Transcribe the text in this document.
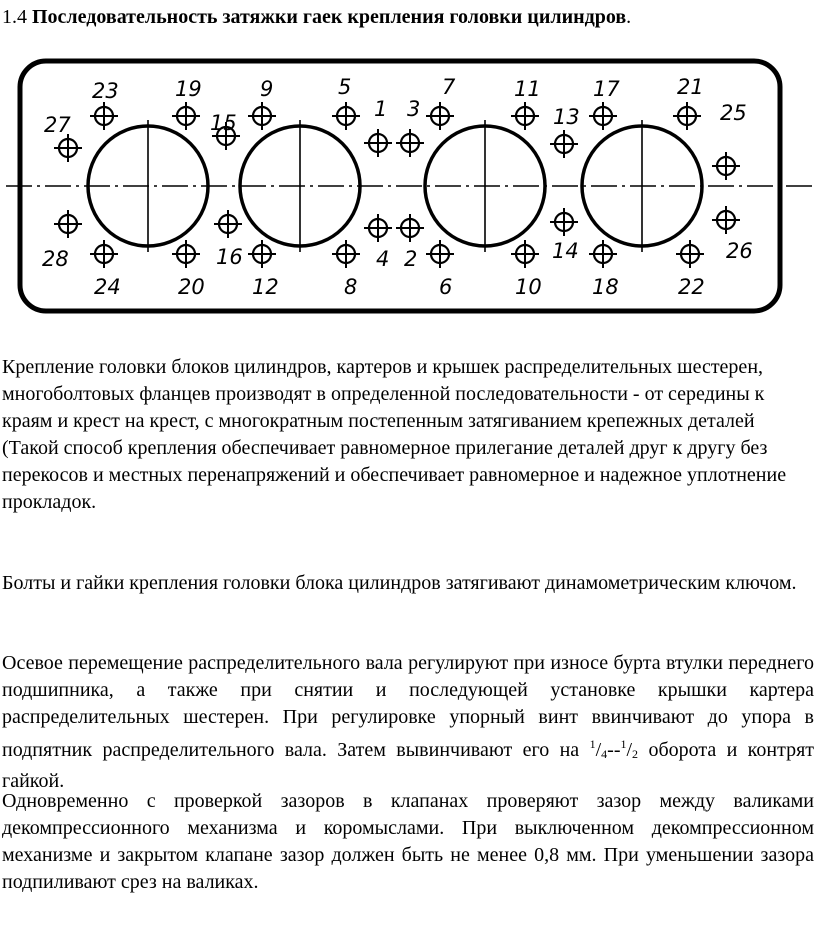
1.4 Последовательность затяжки гаек крепления головки цилиндров.
1
2
3
4
5
6
7
8
9
10
11
12
13
14
15
16
17
18
19
20
21
22
23
24
25
26
27
28

Крепление головки блоков цилиндров, картеров и крышек распределительных шестерен, многоболтовых фланцев производят в определенной последовательности - от середины к краям и крест на крест, с многократным постепенным затягиванием крепежных деталей (Такой способ крепления обеспечивает равномерное прилегание деталей друг к другу без перекосов и местных перенапряжений и обеспечивает равномерное и надежное уплотнение прокладок.

Болты и гайки крепления головки блока цилиндров затягивают динамометрическим ключом.

Осевое перемещение распределительного вала регулируют при износе бурта втулки переднего подшипника, а также при снятии и последующей установке крышки картера распределительных шестерен. При регулировке упорный винт ввинчивают до упора в подпятник распределительного вала. Затем вывинчивают его на $^1/_4--^1/_2$ оборота и контрят гайкой.

Одновременно с проверкой зазоров в клапанах проверяют зазор между валиками декомпрессионного механизма и коромыслами. При выключенном декомпрессионном механизме и закрытом клапане зазор должен быть не менее 0,8 мм. При уменьшении зазора подпиливают срез на валиках.
